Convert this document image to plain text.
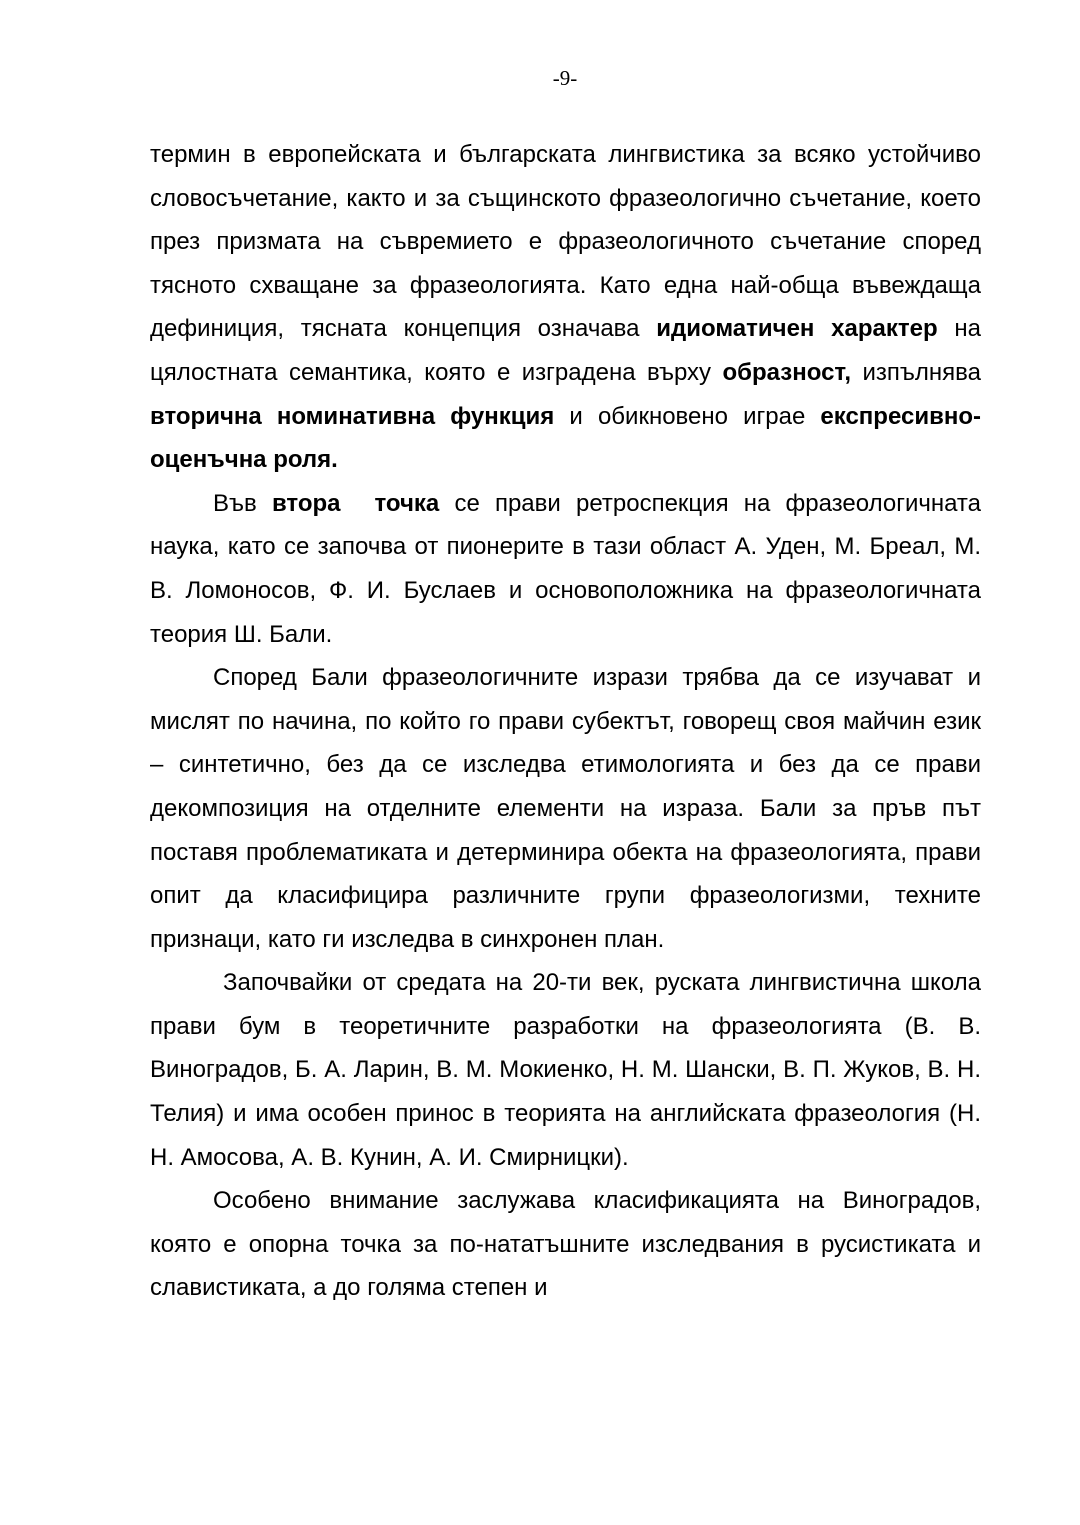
-9-

термин в европейската и българската лингвистика за всяко устойчиво словосъчетание, както и за същинското фразеологично съчетание, което през призмата на съвремието е фразеологичното съчетание според тясното схващане за фразеологията. Като една най-обща въвеждаща дефиниция, тясната концепция означава идиоматичен характер на цялостната семантика, която е изградена върху образност, изпълнява вторична номинативна функция и обикновено играе експресивно-оценъчна роля.

Във втора точка се прави ретроспекция на фразеологичната наука, като се започва от пионерите в тази област А. Уден, М. Бреал, М. В. Ломоносов, Ф. И. Буслаев и основоположника на фразеологичната теория Ш. Бали.

Според Бали фразеологичните изрази трябва да се изучават и мислят по начина, по който го прави субектът, говорещ своя майчин език – синтетично, без да се изследва етимологията и без да се прави декомпозиция на отделните елементи на израза. Бали за пръв път поставя проблематиката и детерминира обекта на фразеологията, прави опит да класифицира различните групи фразеологизми, техните признаци, като ги изследва в синхронен план.

Започвайки от средата на 20-ти век, руската лингвистична школа прави бум в теоретичните разработки на фразеологията (В. В. Виноградов, Б. А. Ларин, В. М. Мокиенко, Н. М. Шански, В. П. Жуков, В. Н. Телия) и има особен принос в теорията на английската фразеология (Н. Н. Амосова, А. В. Кунин, А. И. Смирницки).

Особено внимание заслужава класификацията на Виноградов, която е опорна точка за по-нататъшните изследвания в русистиката и славистиката, а до голяма степен и
